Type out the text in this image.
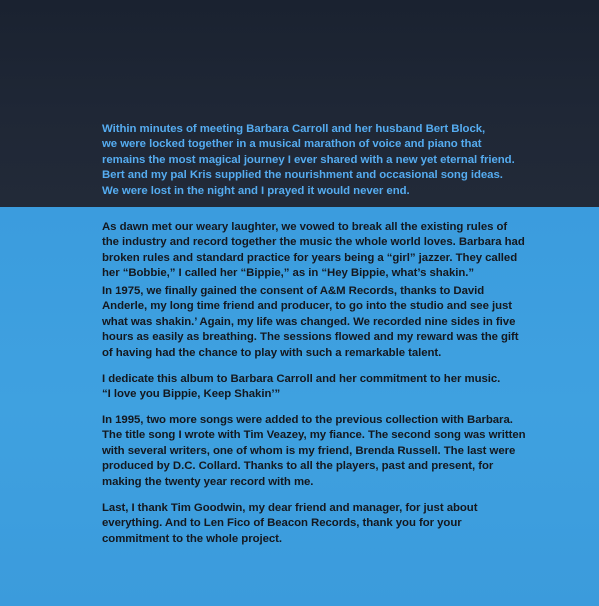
Within minutes of meeting Barbara Carroll and her husband Bert Block,
we were locked together in a musical marathon of voice and piano that
remains the most magical journey I ever shared with a new yet eternal friend.
Bert and my pal Kris supplied the nourishment and occasional song ideas.
We were lost in the night and I prayed it would never end.

As dawn met our weary laughter, we vowed to break all the existing rules of
the industry and record together the music the whole world loves. Barbara had
broken rules and standard practice for years being a “girl” jazzer. They called
her “Bobbie,” I called her “Bippie,” as in “Hey Bippie, what’s shakin.”

In 1975, we finally gained the consent of A&M Records, thanks to David
Anderle, my long time friend and producer, to go into the studio and see just
what was shakin.’ Again, my life was changed. We recorded nine sides in five
hours as easily as breathing. The sessions flowed and my reward was the gift
of having had the chance to play with such a remarkable talent.

I dedicate this album to Barbara Carroll and her commitment to her music.
“I love you Bippie, Keep Shakin’”

In 1995, two more songs were added to the previous collection with Barbara.
The title song I wrote with Tim Veazey, my fiance. The second song was written
with several writers, one of whom is my friend, Brenda Russell. The last were
produced by D.C. Collard. Thanks to all the players, past and present, for
making the twenty year record with me.

Last, I thank Tim Goodwin, my dear friend and manager, for just about
everything. And to Len Fico of Beacon Records, thank you for your
commitment to the whole project.
